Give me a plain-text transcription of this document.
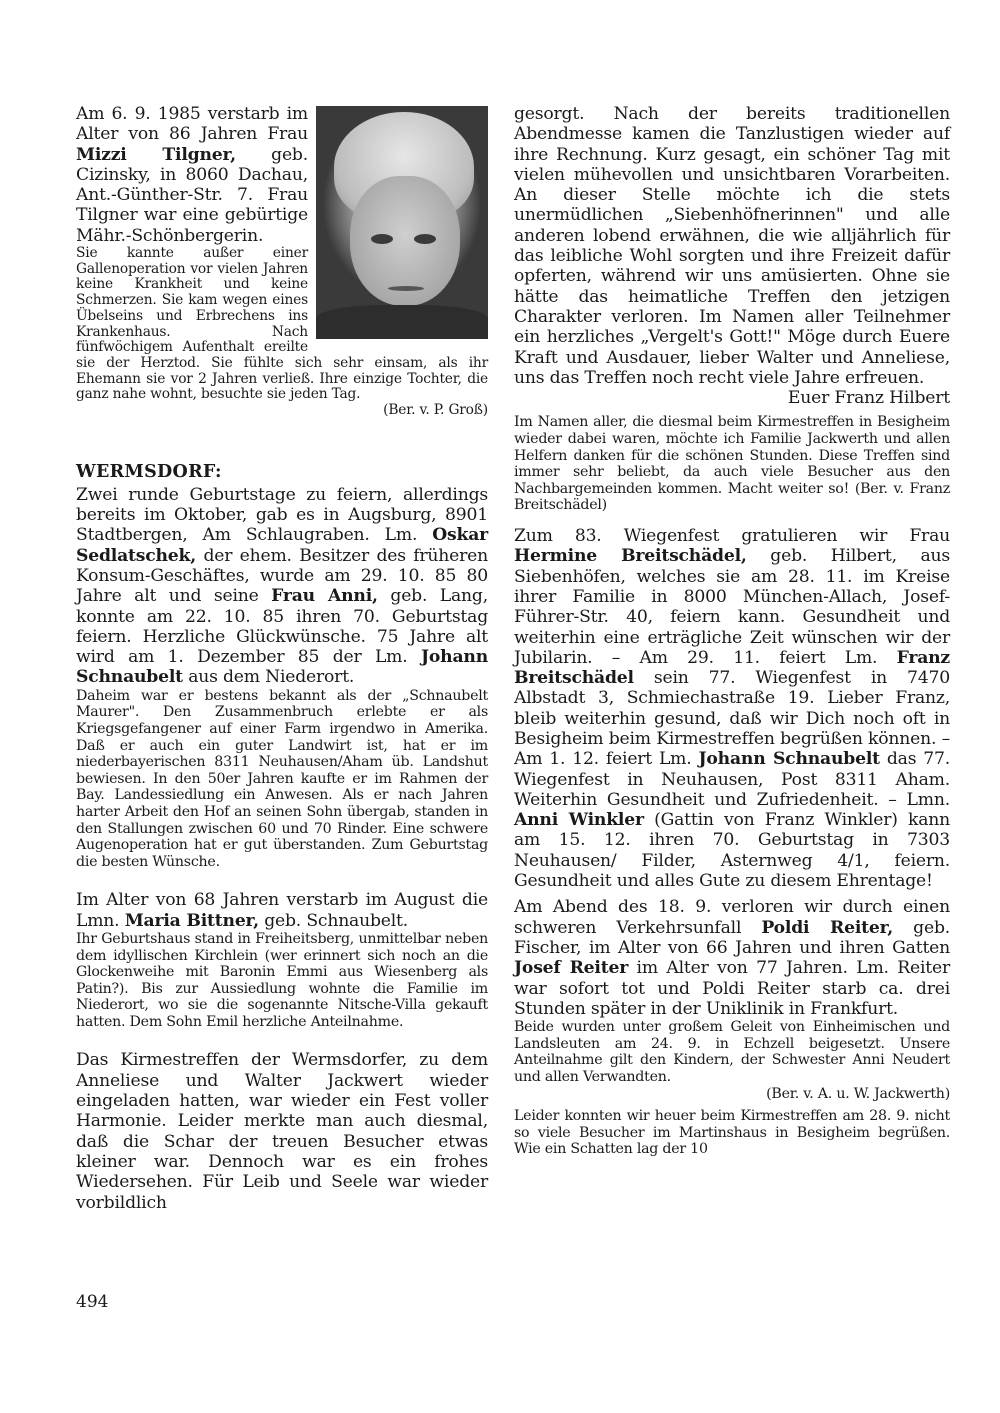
Am 6. 9. 1985 verstarb im Alter von 86 Jahren Frau Mizzi Tilgner, geb. Cizinsky, in 8060 Dachau, Ant.-Günther-Str. 7. Frau Tilgner war eine gebürtige Mähr.-Schönbergerin.

Sie kannte außer einer Gallenoperation vor vielen Jahren keine Krankheit und keine Schmerzen. Sie kam wegen eines Übelseins und Erbrechens ins Krankenhaus. Nach fünfwöchigem Aufenthalt ereilte sie der Herztod. Sie fühlte sich sehr einsam, als ihr Ehemann sie vor 2 Jahren verließ. Ihre einzige Tochter, die ganz nahe wohnt, besuchte sie jeden Tag.

(Ber. v. P. Groß)
WERMSDORF:

Zwei runde Geburtstage zu feiern, allerdings bereits im Oktober, gab es in Augsburg, 8901 Stadtbergen, Am Schlaugraben. Lm. Oskar Sedlatschek, der ehem. Besitzer des früheren Konsum-Geschäftes, wurde am 29. 10. 85 80 Jahre alt und seine Frau Anni, geb. Lang, konnte am 22. 10. 85 ihren 70. Geburtstag feiern. Herzliche Glückwünsche. 75 Jahre alt wird am 1. Dezember 85 der Lm. Johann Schnaubelt aus dem Niederort.

Daheim war er bestens bekannt als der „Schnaubelt Maurer". Den Zusammenbruch erlebte er als Kriegsgefangener auf einer Farm irgendwo in Amerika. Daß er auch ein guter Landwirt ist, hat er im niederbayerischen 8311 Neuhausen/Aham üb. Landshut bewiesen. In den 50er Jahren kaufte er im Rahmen der Bay. Landessiedlung ein Anwesen. Als er nach Jahren harter Arbeit den Hof an seinen Sohn übergab, standen in den Stallungen zwischen 60 und 70 Rinder. Eine schwere Augenoperation hat er gut überstanden. Zum Geburtstag die besten Wünsche.

Im Alter von 68 Jahren verstarb im August die Lmn. Maria Bittner, geb. Schnaubelt.

Ihr Geburtshaus stand in Freiheitsberg, unmittelbar neben dem idyllischen Kirchlein (wer erinnert sich noch an die Glockenweihe mit Baronin Emmi aus Wiesenberg als Patin?). Bis zur Aussiedlung wohnte die Familie im Niederort, wo sie die sogenannte Nitsche-Villa gekauft hatten. Dem Sohn Emil herzliche Anteilnahme.

Das Kirmestreffen der Wermsdorfer, zu dem Anneliese und Walter Jackwert wieder eingeladen hatten, war wieder ein Fest voller Harmonie. Leider merkte man auch diesmal, daß die Schar der treuen Besucher etwas kleiner war. Dennoch war es ein frohes Wiedersehen. Für Leib und Seele war wieder vorbildlich

gesorgt. Nach der bereits traditionellen Abendmesse kamen die Tanzlustigen wieder auf ihre Rechnung. Kurz gesagt, ein schöner Tag mit vielen mühevollen und unsichtbaren Vorarbeiten. An dieser Stelle möchte ich die stets unermüdlichen „Siebenhöfnerinnen" und alle anderen lobend erwähnen, die wie alljährlich für das leibliche Wohl sorgten und ihre Freizeit dafür opferten, während wir uns amüsierten. Ohne sie hätte das heimatliche Treffen den jetzigen Charakter verloren. Im Namen aller Teilnehmer ein herzliches „Vergelt's Gott!" Möge durch Euere Kraft und Ausdauer, lieber Walter und Anneliese, uns das Treffen noch recht viele Jahre erfreuen.

Euer Franz Hilbert

Im Namen aller, die diesmal beim Kirmestreffen in Besigheim wieder dabei waren, möchte ich Familie Jackwerth und allen Helfern danken für die schönen Stunden. Diese Treffen sind immer sehr beliebt, da auch viele Besucher aus den Nachbargemeinden kommen. Macht weiter so! (Ber. v. Franz Breitschädel)

Zum 83. Wiegenfest gratulieren wir Frau Hermine Breitschädel, geb. Hilbert, aus Siebenhöfen, welches sie am 28. 11. im Kreise ihrer Familie in 8000 München-Allach, Josef-Führer-Str. 40, feiern kann. Gesundheit und weiterhin eine erträgliche Zeit wünschen wir der Jubilarin. – Am 29. 11. feiert Lm. Franz Breitschädel sein 77. Wiegenfest in 7470 Albstadt 3, Schmiechastraße 19. Lieber Franz, bleib weiterhin gesund, daß wir Dich noch oft in Besigheim beim Kirmestreffen begrüßen können. – Am 1. 12. feiert Lm. Johann Schnaubelt das 77. Wiegenfest in Neuhausen, Post 8311 Aham. Weiterhin Gesundheit und Zufriedenheit. – Lmn. Anni Winkler (Gattin von Franz Winkler) kann am 15. 12. ihren 70. Geburtstag in 7303 Neuhausen/ Filder, Asternweg 4/1, feiern. Gesundheit und alles Gute zu diesem Ehrentage!

Am Abend des 18. 9. verloren wir durch einen schweren Verkehrsunfall Poldi Reiter, geb. Fischer, im Alter von 66 Jahren und ihren Gatten Josef Reiter im Alter von 77 Jahren. Lm. Reiter war sofort tot und Poldi Reiter starb ca. drei Stunden später in der Uniklinik in Frankfurt.

Beide wurden unter großem Geleit von Einheimischen und Landsleuten am 24. 9. in Echzell beigesetzt. Unsere Anteilnahme gilt den Kindern, der Schwester Anni Neudert und allen Verwandten.

(Ber. v. A. u. W. Jackwerth)

Leider konnten wir heuer beim Kirmestreffen am 28. 9. nicht so viele Besucher im Martinshaus in Besigheim begrüßen. Wie ein Schatten lag der 10

494
